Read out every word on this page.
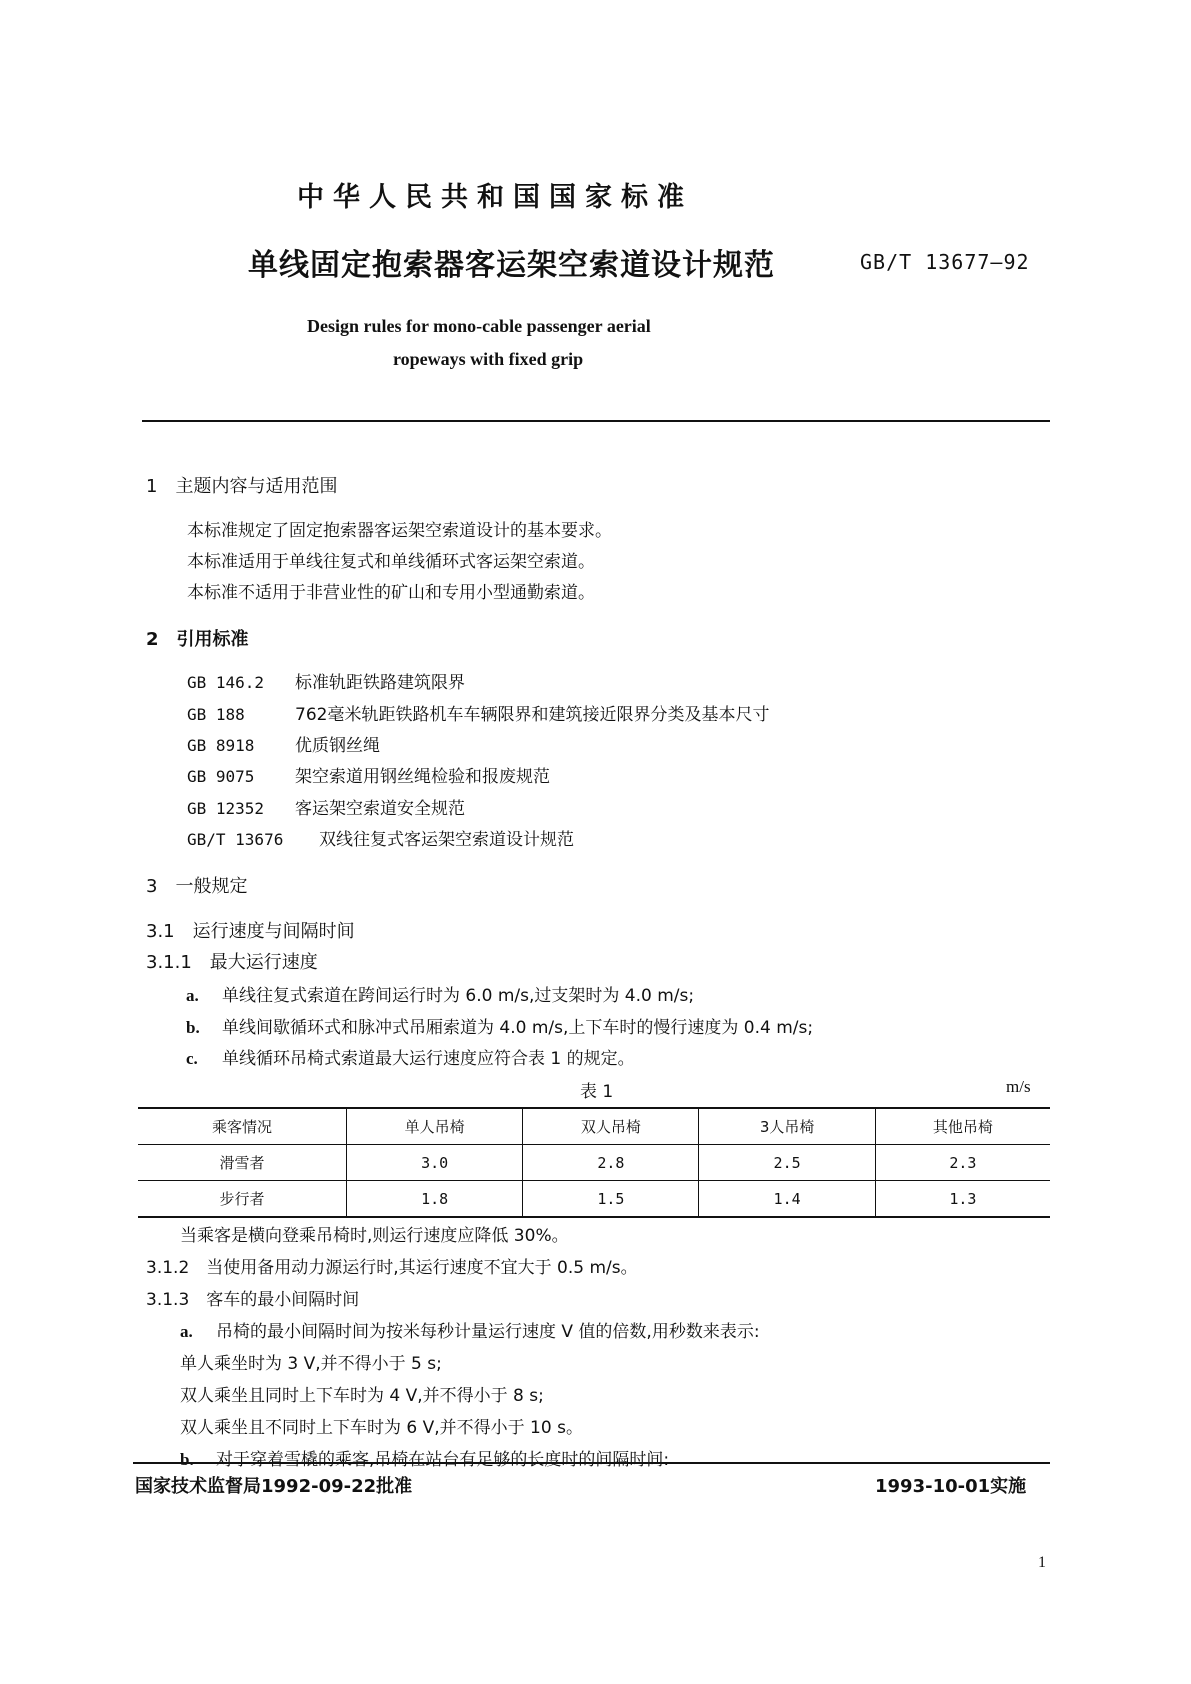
中华人民共和国国家标准
单线固定抱索器客运架空索道设计规范	GB/T 13677—92
Design rules for mono-cable passenger aerial
ropeways with fixed grip
1　主题内容与适用范围
本标准规定了固定抱索器客运架空索道设计的基本要求。
本标准适用于单线往复式和单线循环式客运架空索道。
本标准不适用于非营业性的矿山和专用小型通勤索道。
2　引用标准
GB 146.2 标准轨距铁路建筑限界
GB 188	762毫米轨距铁路机车车辆限界和建筑接近限界分类及基本尺寸
GB 8918 优质钢丝绳
GB 9075 架空索道用钢丝绳检验和报废规范
GB 12352 客运架空索道安全规范
GB/T 13676 双线往复式客运架空索道设计规范
3　一般规定
3.1　运行速度与间隔时间
3.1.1　最大运行速度
a. 单线往复式索道在跨间运行时为 6.0 m/s,过支架时为 4.0 m/s;
b. 单线间歇循环式和脉冲式吊厢索道为 4.0 m/s,上下车时的慢行速度为 0.4 m/s;
c. 单线循环吊椅式索道最大运行速度应符合表 1 的规定。
表 1	m/s
乘客情况	单人吊椅	双人吊椅	3人吊椅	其他吊椅
滑雪者	3.0	2.8	2.5	2.3
步行者	1.8	1.5	1.4	1.3
当乘客是横向登乘吊椅时,则运行速度应降低 30%。
3.1.2　当使用备用动力源运行时,其运行速度不宜大于 0.5 m/s。
3.1.3　客车的最小间隔时间
a. 吊椅的最小间隔时间为按米每秒计量运行速度 V 值的倍数,用秒数来表示:
单人乘坐时为 3 V,并不得小于 5 s;
双人乘坐且同时上下车时为 4 V,并不得小于 8 s;
双人乘坐且不同时上下车时为 6 V,并不得小于 10 s。
b. 对于穿着雪橇的乘客,吊椅在站台有足够的长度时的间隔时间:
国家技术监督局1992-09-22批准	1993-10-01实施
1
